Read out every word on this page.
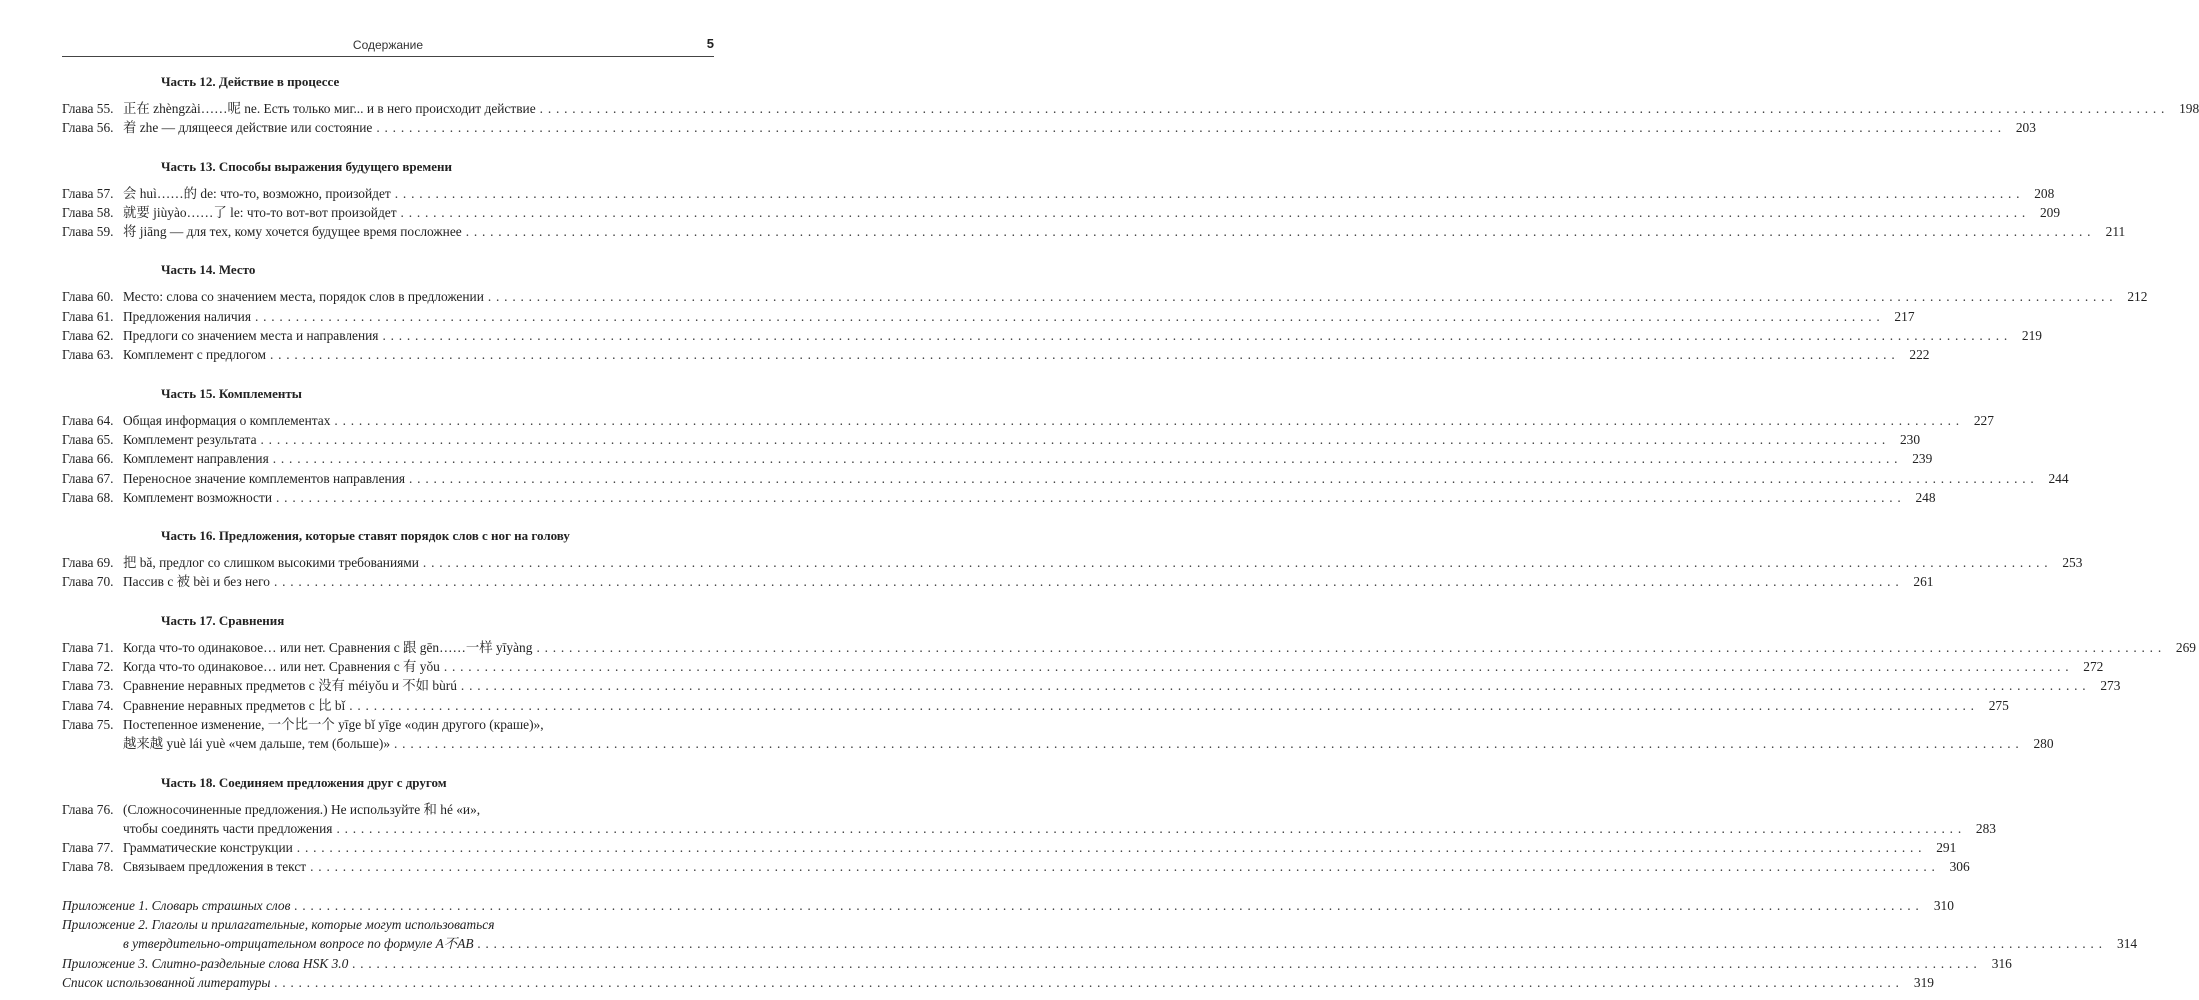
Содержание	5
Часть 12. Действие в процессе
Глава 55. 正在 zhèngzài……呢 ne. Есть только миг... и в него происходит действие ........................................................................................................................................................................................................ 198
Глава 56. 着 zhe — длящееся действие или состояние ........................................................................................................................................................................................................ 203
Часть 13. Способы выражения будущего времени
Глава 57. 会 huì……的 de: что-то, возможно, произойдет ........................................................................................................................................................................................................ 208
Глава 58. 就要 jiùyào……了 le: что-то вот-вот произойдет ........................................................................................................................................................................................................ 209
Глава 59. 将 jiāng — для тех, кому хочется будущее время посложнее ........................................................................................................................................................................................................ 211
Часть 14. Место
Глава 60. Место: слова со значением места, порядок слов в предложении ........................................................................................................................................................................................................ 212
Глава 61. Предложения наличия ........................................................................................................................................................................................................ 217
Глава 62. Предлоги со значением места и направления ........................................................................................................................................................................................................ 219
Глава 63. Комплемент с предлогом ........................................................................................................................................................................................................ 222
Часть 15. Комплементы
Глава 64. Общая информация о комплементах ........................................................................................................................................................................................................ 227
Глава 65. Комплемент результата ........................................................................................................................................................................................................ 230
Глава 66. Комплемент направления ........................................................................................................................................................................................................ 239
Глава 67. Переносное значение комплементов направления ........................................................................................................................................................................................................ 244
Глава 68. Комплемент возможности ........................................................................................................................................................................................................ 248
Часть 16. Предложения, которые ставят порядок слов с ног на голову
Глава 69. 把 bǎ, предлог со слишком высокими требованиями ........................................................................................................................................................................................................ 253
Глава 70. Пассив с 被 bèi и без него ........................................................................................................................................................................................................ 261
Часть 17. Сравнения
Глава 71. Когда что-то одинаковое… или нет. Сравнения с 跟 gēn……一样 yīyàng ........................................................................................................................................................................................................ 269
Глава 72. Когда что-то одинаковое… или нет. Сравнения с 有 yǒu ........................................................................................................................................................................................................ 272
Глава 73. Сравнение неравных предметов с 没有 méiyǒu и 不如 bùrú ........................................................................................................................................................................................................ 273
Глава 74. Сравнение неравных предметов с 比 bǐ ........................................................................................................................................................................................................ 275
Глава 75. Постепенное изменение, 一个比一个 yīge bǐ yīge «один другого (краше)»,
越来越 yuè lái yuè «чем дальше, тем (больше)» ........................................................................................................................................................................................................ 280
Часть 18. Соединяем предложения друг с другом
Глава 76. (Сложносочиненные предложения.) Не используйте 和 hé «и»,
чтобы соединять части предложения ........................................................................................................................................................................................................ 283
Глава 77. Грамматические конструкции ........................................................................................................................................................................................................ 291
Глава 78. Связываем предложения в текст ........................................................................................................................................................................................................ 306
Приложение 1. Словарь страшных слов ........................................................................................................................................................................................................ 310
Приложение 2. Глаголы и прилагательные, которые могут использоваться
в утвердительно-отрицательном вопросе по формуле A不AB ........................................................................................................................................................................................................ 314
Приложение 3. Слитно-раздельные слова HSK 3.0 ........................................................................................................................................................................................................ 316
Список использованной литературы ........................................................................................................................................................................................................ 319
